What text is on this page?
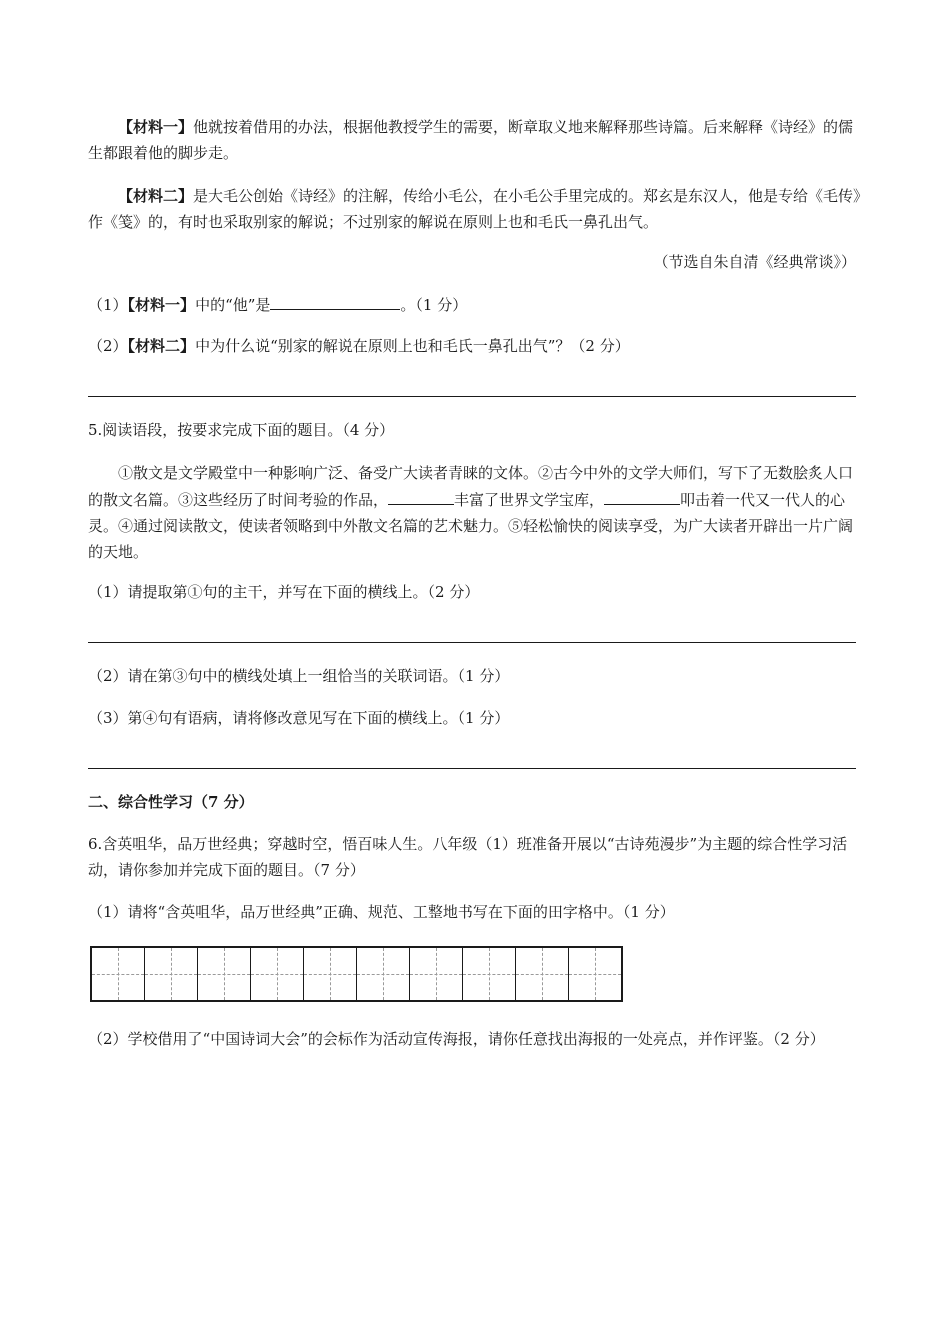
【材料一】他就按着借用的办法，根据他教授学生的需要，断章取义地来解释那些诗篇。后来解释《诗经》的儒生都跟着他的脚步走。

【材料二】是大毛公创始《诗经》的注解，传给小毛公，在小毛公手里完成的。郑玄是东汉人，他是专给《毛传》作《笺》的，有时也采取别家的解说；不过别家的解说在原则上也和毛氏一鼻孔出气。

（节选自朱自清《经典常谈》）

（1）【材料一】中的“他”是	。（1 分）

（2）【材料二】中为什么说“别家的解说在原则上也和毛氏一鼻孔出气”？（2 分）

5.阅读语段，按要求完成下面的题目。（4 分）

①散文是文学殿堂中一种影响广泛、备受广大读者青睐的文体。②古今中外的文学大师们，写下了无数脍炙人口的散文名篇。③这些经历了时间考验的作品，	丰富了世界文学宝库，	叩击着一代又一代人的心灵。④通过阅读散文，使读者领略到中外散文名篇的艺术魅力。⑤轻松愉快的阅读享受，为广大读者开辟出一片广阔的天地。

（1）请提取第①句的主干，并写在下面的横线上。（2 分）

（2）请在第③句中的横线处填上一组恰当的关联词语。（1 分）

（3）第④句有语病，请将修改意见写在下面的横线上。（1 分）

二、综合性学习（7 分）

6.含英咀华，品万世经典；穿越时空，悟百味人生。八年级（1）班准备开展以“古诗苑漫步”为主题的综合性学习活动，请你参加并完成下面的题目。（7 分）

（1）请将“含英咀华，品万世经典”正确、规范、工整地书写在下面的田字格中。（1 分）

（2）学校借用了“中国诗词大会”的会标作为活动宣传海报，请你任意找出海报的一处亮点，并作评鉴。（2 分）
